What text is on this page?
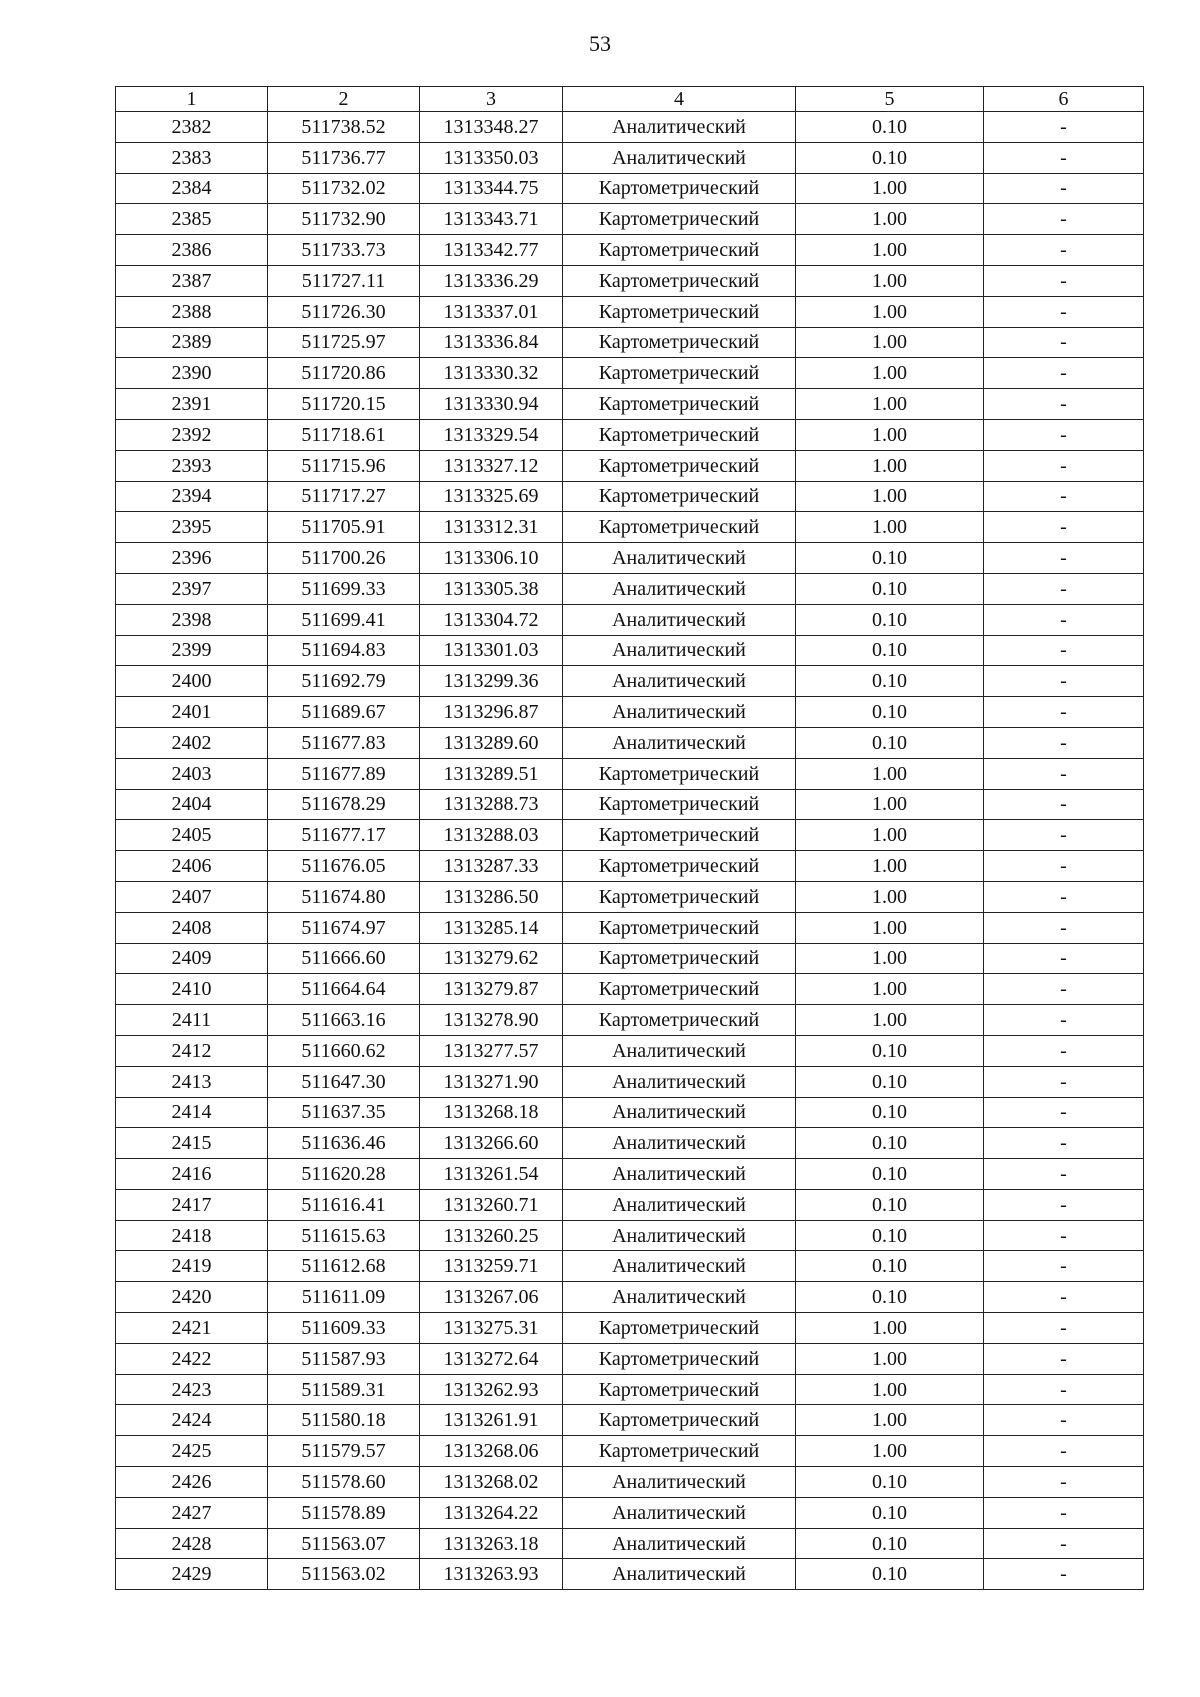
53
1	2	3	4	5	6
2382	511738.52	1313348.27	Аналитический	0.10	-
2383	511736.77	1313350.03	Аналитический	0.10	-
2384	511732.02	1313344.75	Картометрический	1.00	-
2385	511732.90	1313343.71	Картометрический	1.00	-
2386	511733.73	1313342.77	Картометрический	1.00	-
2387	511727.11	1313336.29	Картометрический	1.00	-
2388	511726.30	1313337.01	Картометрический	1.00	-
2389	511725.97	1313336.84	Картометрический	1.00	-
2390	511720.86	1313330.32	Картометрический	1.00	-
2391	511720.15	1313330.94	Картометрический	1.00	-
2392	511718.61	1313329.54	Картометрический	1.00	-
2393	511715.96	1313327.12	Картометрический	1.00	-
2394	511717.27	1313325.69	Картометрический	1.00	-
2395	511705.91	1313312.31	Картометрический	1.00	-
2396	511700.26	1313306.10	Аналитический	0.10	-
2397	511699.33	1313305.38	Аналитический	0.10	-
2398	511699.41	1313304.72	Аналитический	0.10	-
2399	511694.83	1313301.03	Аналитический	0.10	-
2400	511692.79	1313299.36	Аналитический	0.10	-
2401	511689.67	1313296.87	Аналитический	0.10	-
2402	511677.83	1313289.60	Аналитический	0.10	-
2403	511677.89	1313289.51	Картометрический	1.00	-
2404	511678.29	1313288.73	Картометрический	1.00	-
2405	511677.17	1313288.03	Картометрический	1.00	-
2406	511676.05	1313287.33	Картометрический	1.00	-
2407	511674.80	1313286.50	Картометрический	1.00	-
2408	511674.97	1313285.14	Картометрический	1.00	-
2409	511666.60	1313279.62	Картометрический	1.00	-
2410	511664.64	1313279.87	Картометрический	1.00	-
2411	511663.16	1313278.90	Картометрический	1.00	-
2412	511660.62	1313277.57	Аналитический	0.10	-
2413	511647.30	1313271.90	Аналитический	0.10	-
2414	511637.35	1313268.18	Аналитический	0.10	-
2415	511636.46	1313266.60	Аналитический	0.10	-
2416	511620.28	1313261.54	Аналитический	0.10	-
2417	511616.41	1313260.71	Аналитический	0.10	-
2418	511615.63	1313260.25	Аналитический	0.10	-
2419	511612.68	1313259.71	Аналитический	0.10	-
2420	511611.09	1313267.06	Аналитический	0.10	-
2421	511609.33	1313275.31	Картометрический	1.00	-
2422	511587.93	1313272.64	Картометрический	1.00	-
2423	511589.31	1313262.93	Картометрический	1.00	-
2424	511580.18	1313261.91	Картометрический	1.00	-
2425	511579.57	1313268.06	Картометрический	1.00	-
2426	511578.60	1313268.02	Аналитический	0.10	-
2427	511578.89	1313264.22	Аналитический	0.10	-
2428	511563.07	1313263.18	Аналитический	0.10	-
2429	511563.02	1313263.93	Аналитический	0.10	-
